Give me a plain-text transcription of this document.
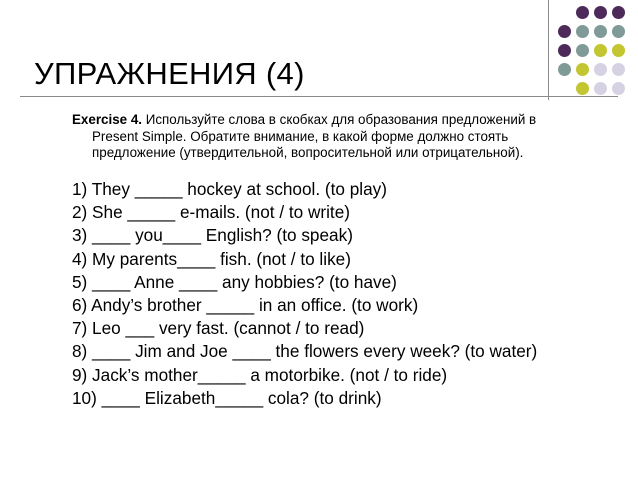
УПРАЖНЕНИЯ (4)
Exercise 4. Используйте слова в скобках для образования предложений в
Present Simple. Обратите внимание, в какой форме должно стоять
предложение (утвердительной, вопросительной или отрицательной).
1) They _____ hockey at school. (to play)
2) She _____ e-mails. (not / to write)
3) ____ you____ English? (to speak)
4) My parents____ fish. (not / to like)
5) ____ Anne ____ any hobbies? (to have)
6) Andy’s brother _____ in an office. (to work)
7) Leo ___ very fast. (cannot / to read)
8) ____ Jim and Joe ____ the flowers every week? (to water)
9) Jack’s mother_____ a motorbike. (not / to ride)
10) ____ Elizabeth_____ cola? (to drink)
